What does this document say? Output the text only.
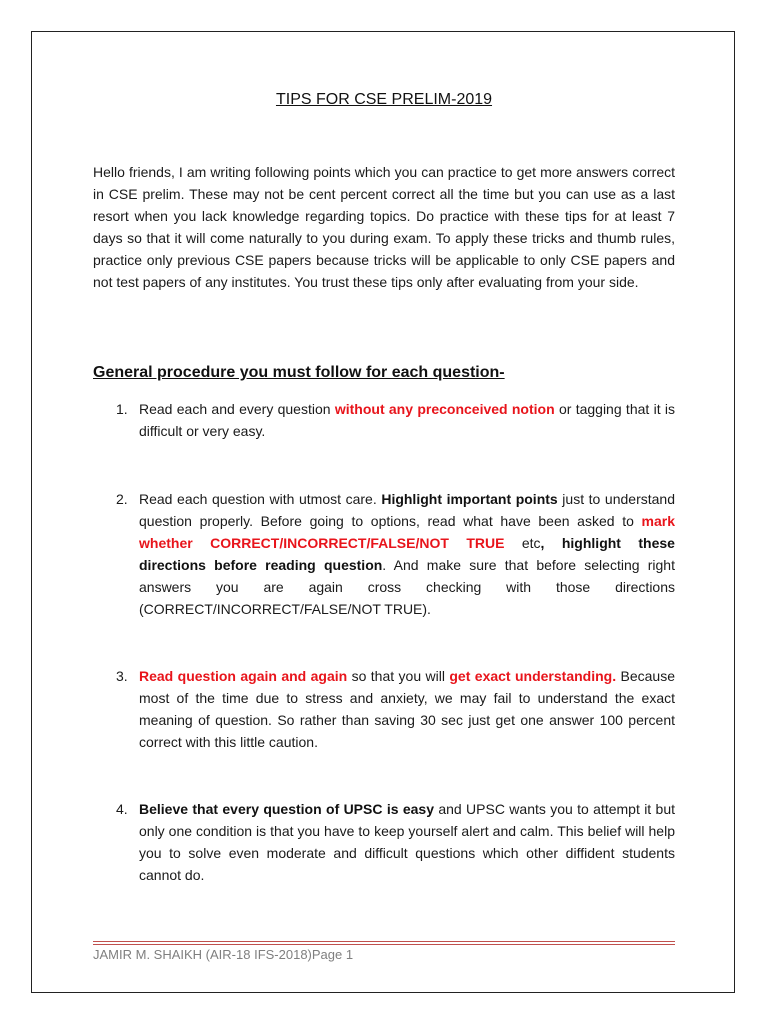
TIPS FOR CSE PRELIM-2019

Hello friends, I am writing following points which you can practice to get more answers correct in CSE prelim. These may not be cent percent correct all the time but you can use as a last resort when you lack knowledge regarding topics. Do practice with these tips for at least 7 days so that it will come naturally to you during exam. To apply these tricks and thumb rules, practice only previous CSE papers because tricks will be applicable to only CSE papers and not test papers of any institutes. You trust these tips only after evaluating from your side.

General procedure you must follow for each question-
1. Read each and every question without any preconceived notion or tagging that it is difficult or very easy.
2. Read each question with utmost care. Highlight important points just to understand question properly. Before going to options, read what have been asked to mark whether CORRECT/INCORRECT/FALSE/NOT TRUE etc, highlight these directions before reading question. And make sure that before selecting right answers you are again cross checking with those directions (CORRECT/INCORRECT/FALSE/NOT TRUE).
3. Read question again and again so that you will get exact understanding. Because most of the time due to stress and anxiety, we may fail to understand the exact meaning of question. So rather than saving 30 sec just get one answer 100 percent correct with this little caution.
4. Believe that every question of UPSC is easy and UPSC wants you to attempt it but only one condition is that you have to keep yourself alert and calm. This belief will help you to solve even moderate and difficult questions which other diffident students cannot do.
JAMIR M. SHAIKH (AIR-18 IFS-2018)Page 1
